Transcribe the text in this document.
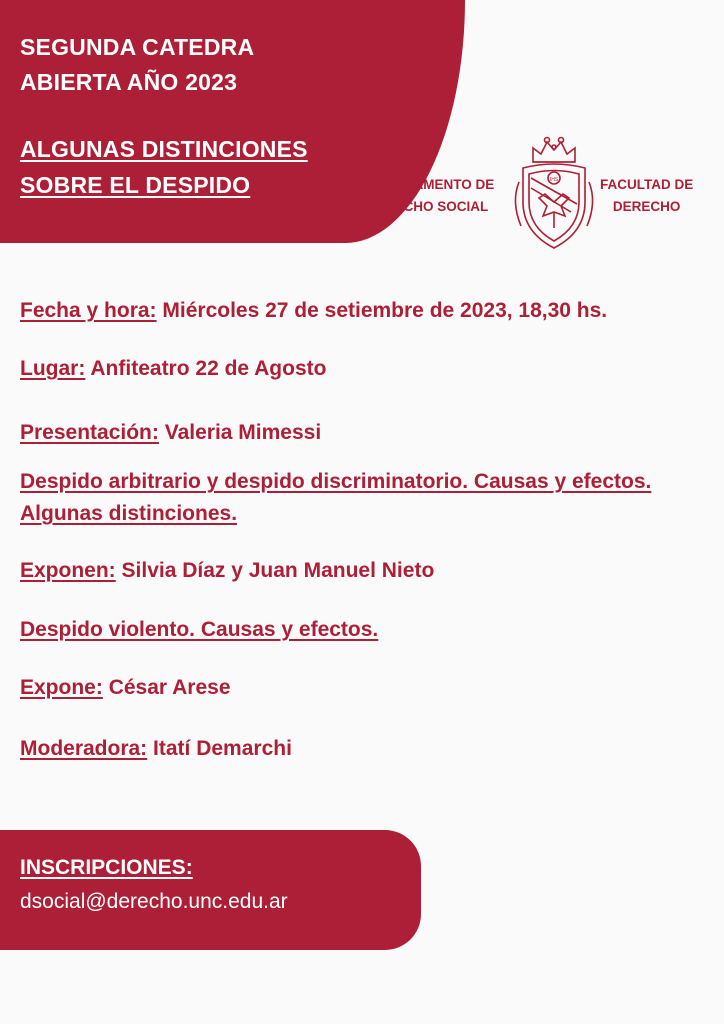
SEGUNDA CATEDRA
ABIERTA AÑO 2023
ALGUNAS DISTINCIONES
SOBRE EL DESPIDO	DEPARTAMENTO DE
DERECHO SOCIAL
IHS	FACULTAD DE
DERECHO
Fecha y hora: Miércoles 27 de setiembre de 2023, 18,30 hs.
Lugar: Anfiteatro 22 de Agosto
Presentación: Valeria Mimessi
Despido arbitrario y despido discriminatorio. Causas y efectos.
Algunas distinciones.
Exponen: Silvia Díaz y Juan Manuel Nieto
Despido violento. Causas y efectos.
Expone: César Arese
Moderadora: Itatí Demarchi
INSCRIPCIONES:
dsocial@derecho.unc.edu.ar
